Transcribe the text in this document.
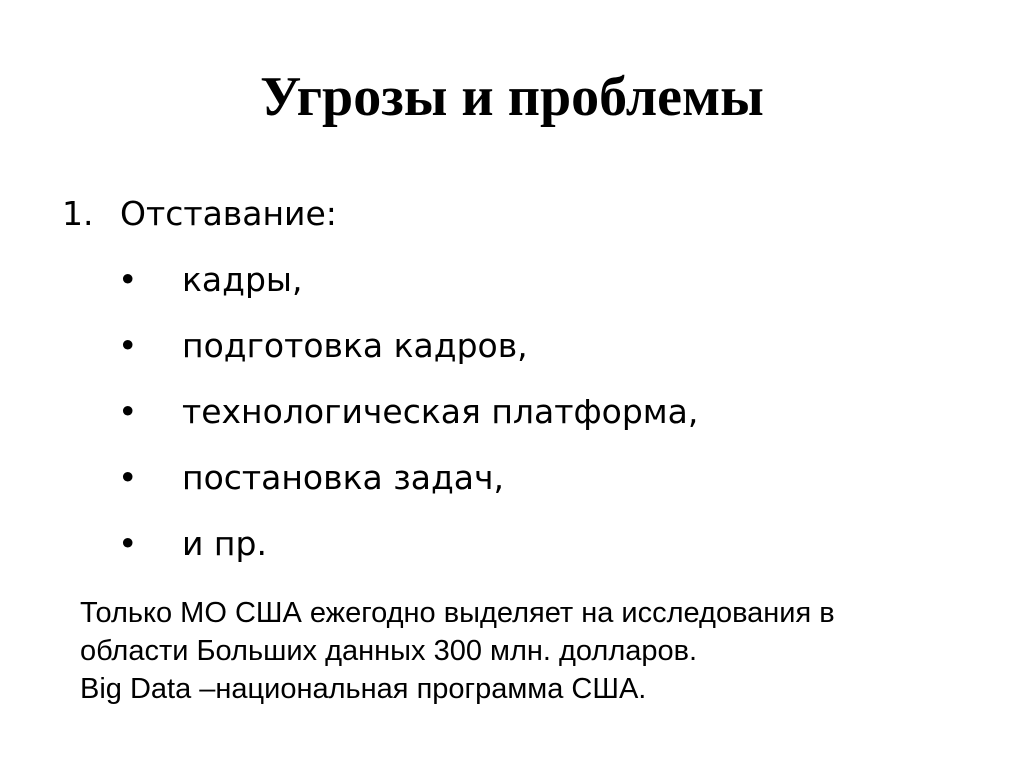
Угрозы и проблемы
1. Отставание:
• кадры,
• подготовка кадров,
• технологическая платформа,
• постановка задач,
• и пр.

Только МО США ежегодно выделяет на исследования в

области Больших данных 300 млн. долларов.

Big Data –национальная программа США.
